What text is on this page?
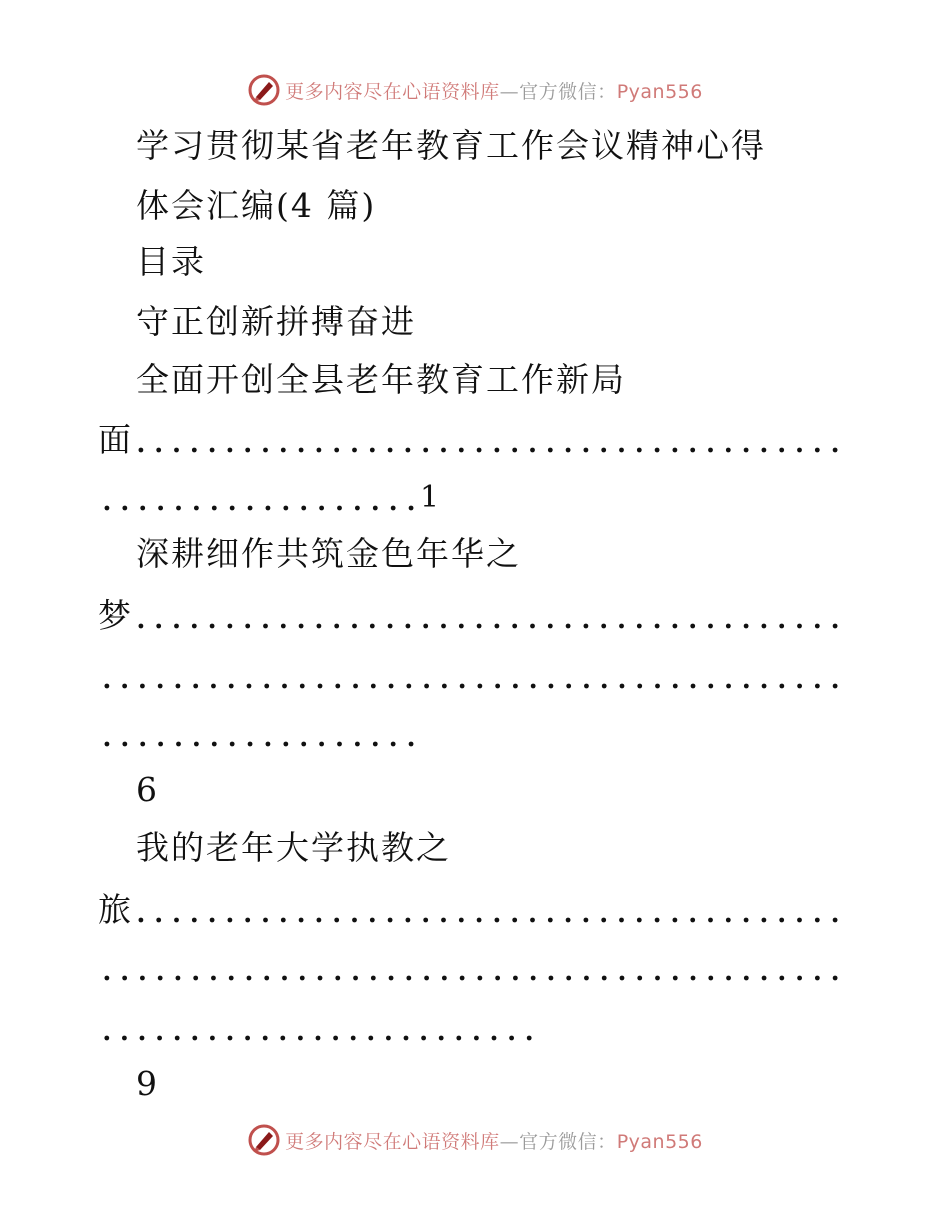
更多内容尽在心语资料库—官方微信：Pyan556
学习贯彻某省老年教育工作会议精神心得
体会汇编(4 篇)
目录
守正创新拼搏奋进
全面开创全县老年教育工作新局
面
1
深耕细作共筑金色年华之
梦
6
我的老年大学执教之
旅
9
更多内容尽在心语资料库—官方微信：Pyan556
